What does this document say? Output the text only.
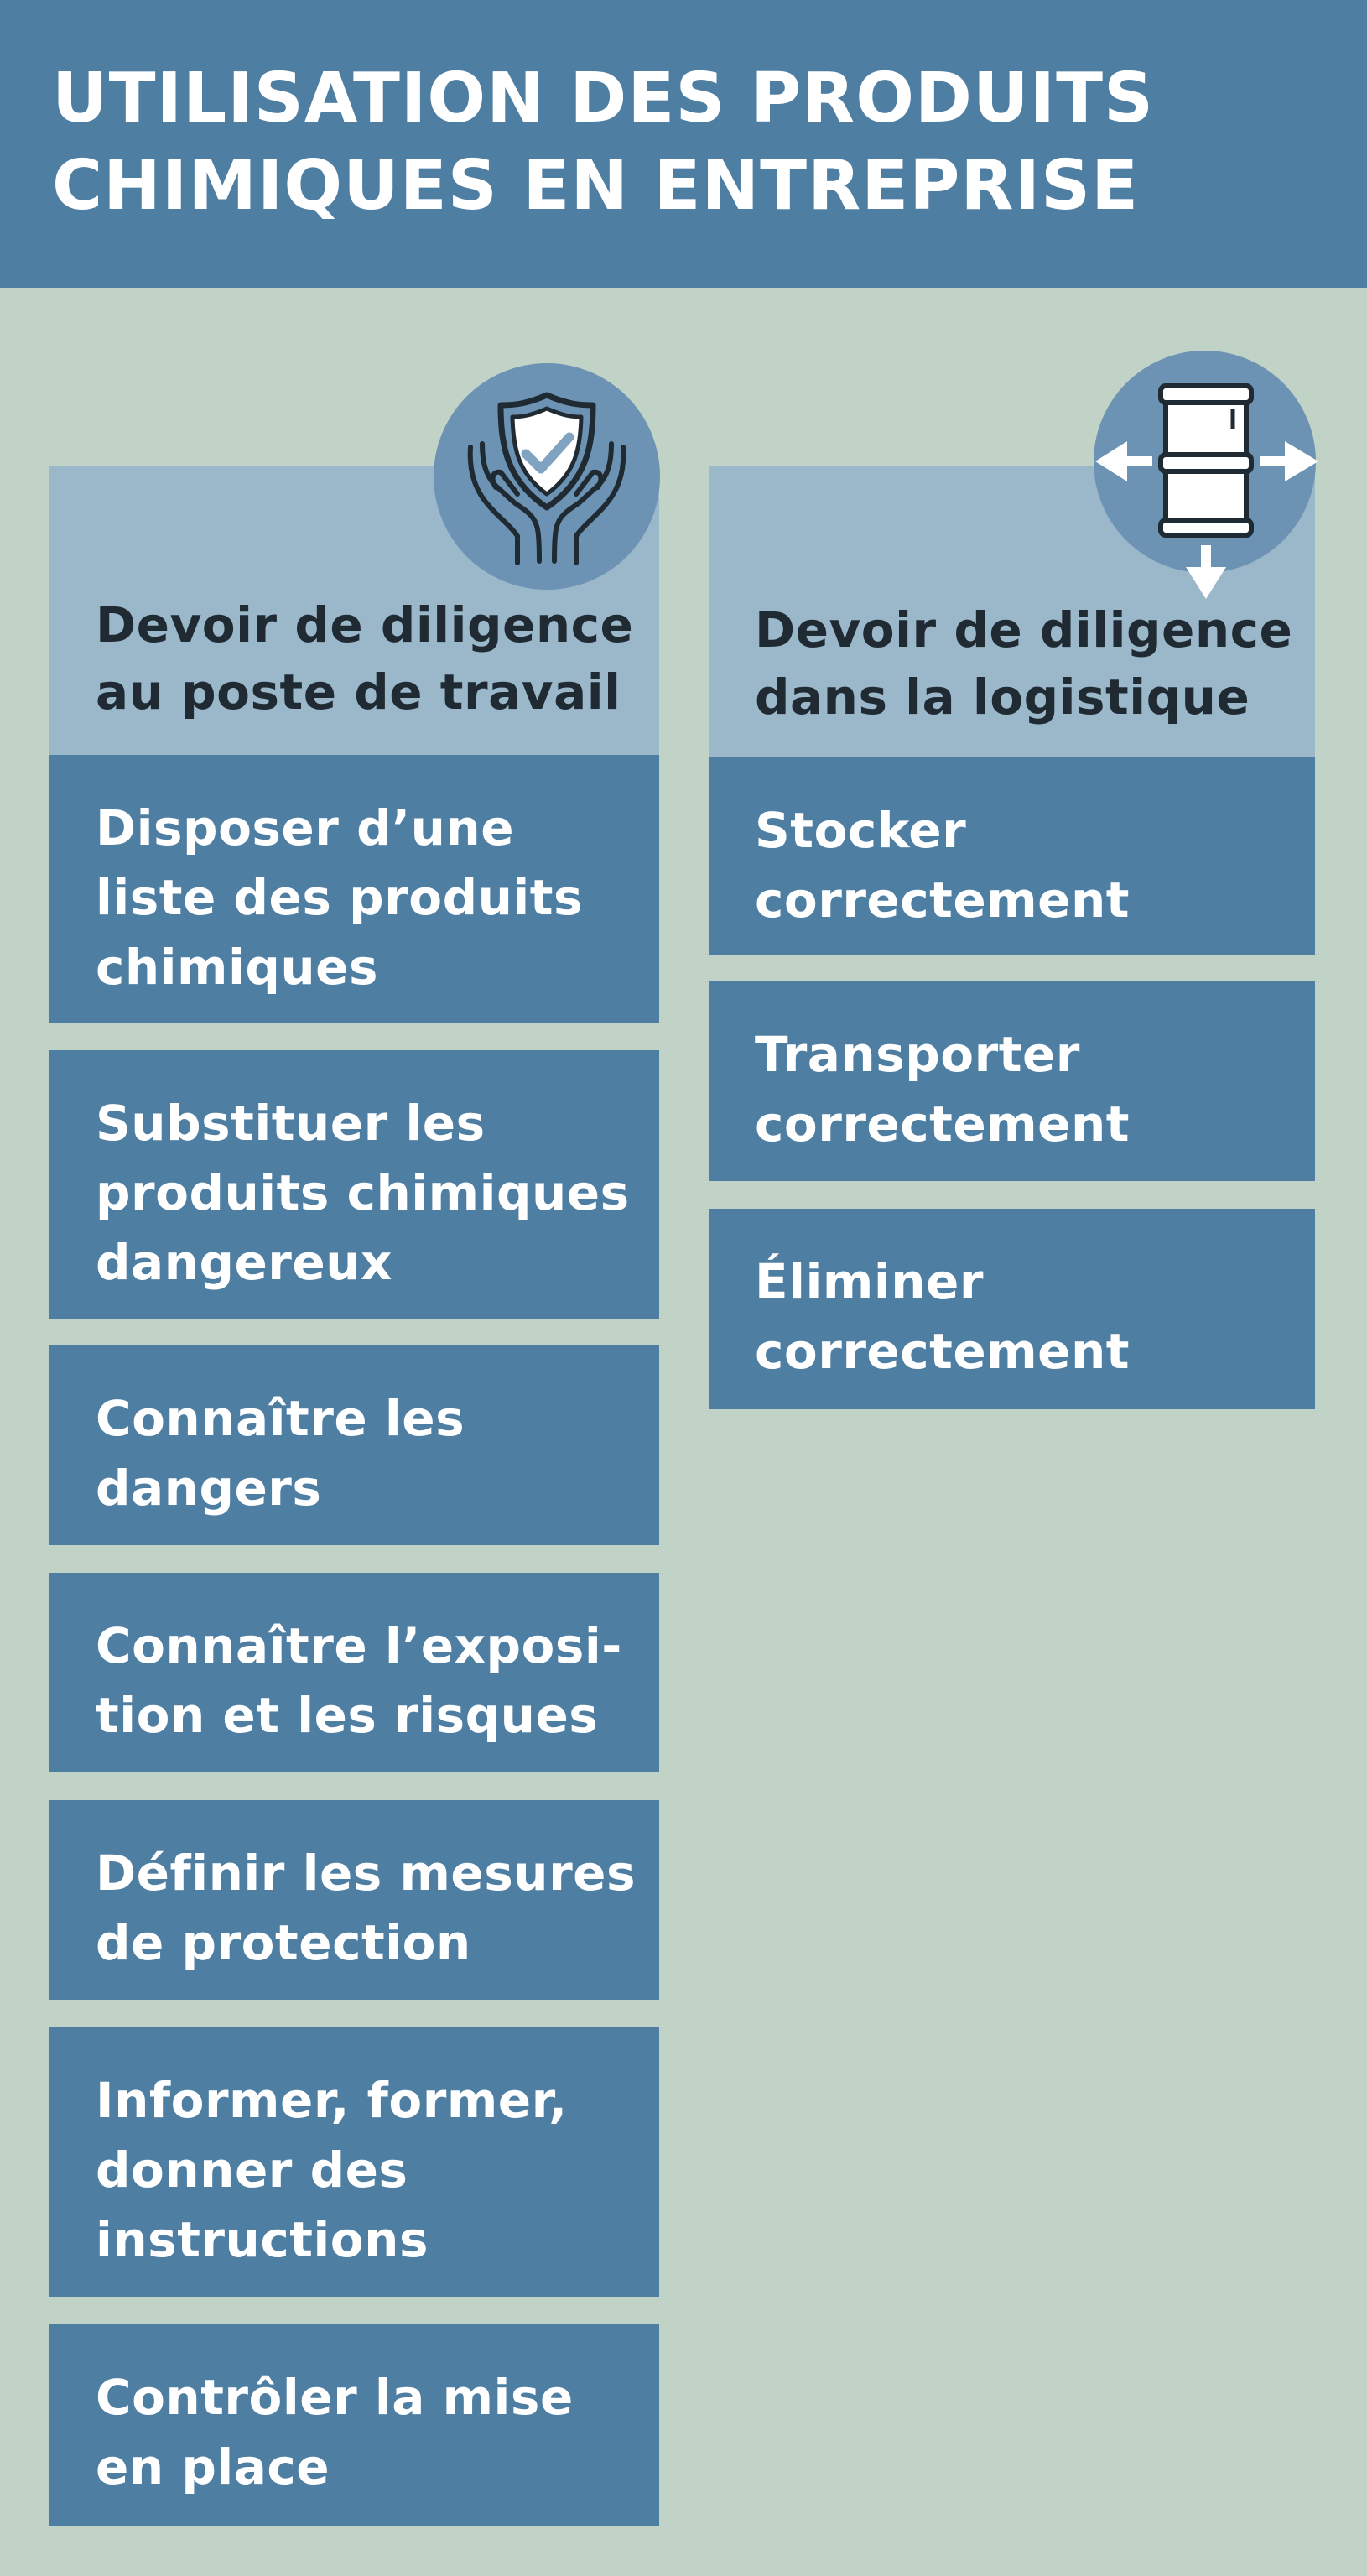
UTILISATION DES PRODUITS
CHIMIQUES EN ENTREPRISE
Devoir de diligence
au poste de travail
Devoir de diligence
dans la logistique
Disposer d’une
liste des produits
chimiques
Substituer les
produits chimiques
dangereux
Connaître les
dangers
Connaître l’exposi-
tion et les risques
Définir les mesures
de protection
Informer, former,
donner des
instructions
Contrôler la mise
en place
Stocker
correctement
Transporter
correctement
Éliminer
correctement
